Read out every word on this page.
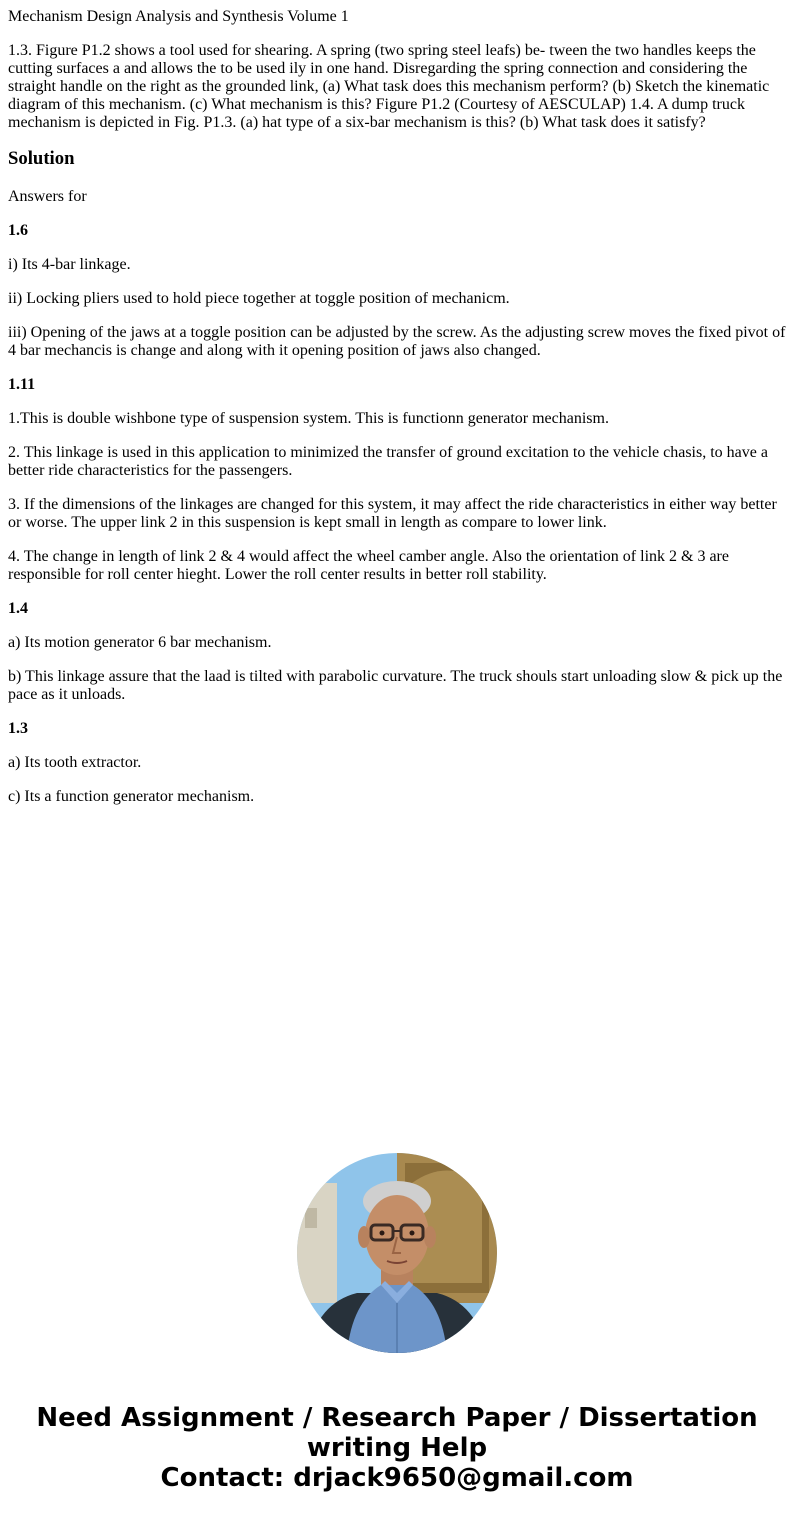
Mechanism Design Analysis and Synthesis Volume 1

1.3. Figure P1.2 shows a tool used for shearing. A spring (two spring steel leafs) be- tween the two handles keeps the cutting surfaces a and allows the to be used ily in one hand. Disregarding the spring connection and considering the straight handle on the right as the grounded link, (a) What task does this mechanism perform? (b) Sketch the kinematic diagram of this mechanism. (c) What mechanism is this? Figure P1.2 (Courtesy of AESCULAP) 1.4. A dump truck mechanism is depicted in Fig. P1.3. (a) hat type of a six-bar mechanism is this? (b) What task does it satisfy?

Solution

Answers for

1.6

i) Its 4-bar linkage.

ii) Locking pliers used to hold piece together at toggle position of mechanicm.

iii) Opening of the jaws at a toggle position can be adjusted by the screw. As the adjusting screw moves the fixed pivot of 4 bar mechancis is change and along with it opening position of jaws also changed.

1.11

1.This is double wishbone type of suspension system. This is functionn generator mechanism.

2. This linkage is used in this application to minimized the transfer of ground excitation to the vehicle chasis, to have a better ride characteristics for the passengers.

3. If the dimensions of the linkages are changed for this system, it may affect the ride characteristics in either way better or worse. The upper link 2 in this suspension is kept small in length as compare to lower link.

4. The change in length of link 2 & 4 would affect the wheel camber angle. Also the orientation of link 2 & 3 are responsible for roll center hieght. Lower the roll center results in better roll stability.

1.4

a) Its motion generator 6 bar mechanism.

b) This linkage assure that the laad is tilted with parabolic curvature. The truck shouls start unloading slow & pick up the pace as it unloads.

1.3

a) Its tooth extractor.

c) Its a function generator mechanism.

Need Assignment / Research Paper / Dissertation
writing Help
Contact: drjack9650@gmail.com
